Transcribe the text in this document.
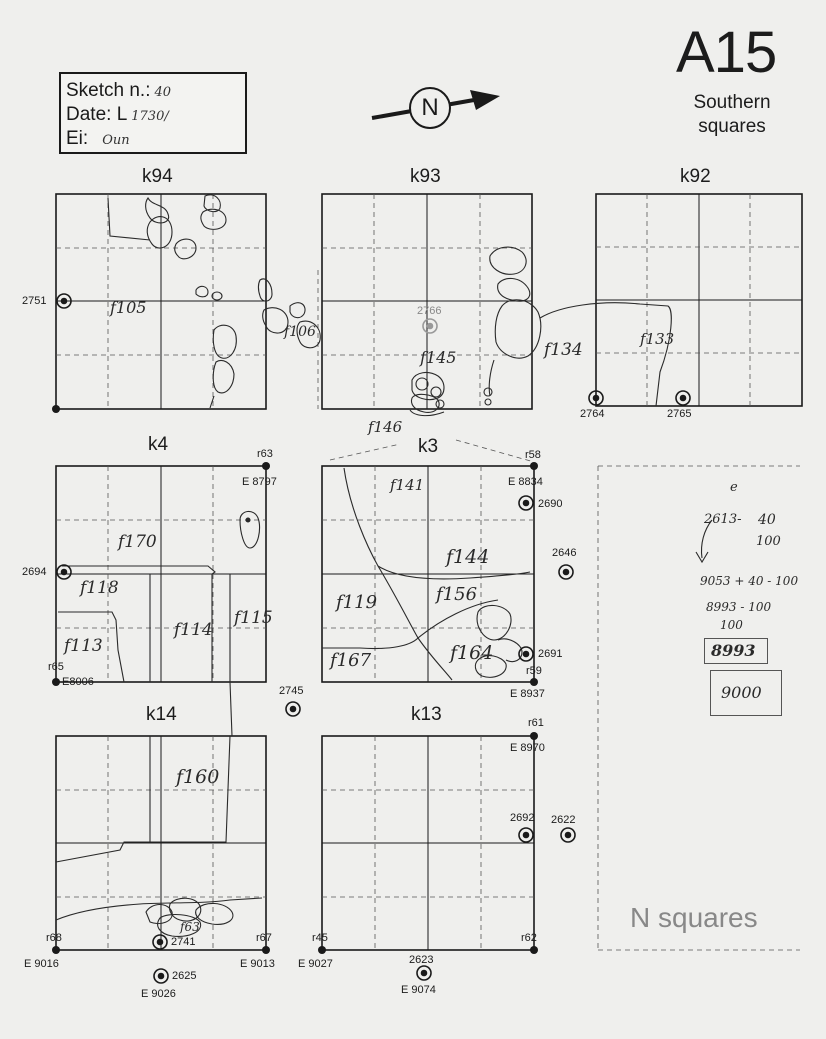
Sketch n.: 40
Date: L 1730/
Ei: Oun
A15
Southern
squares
k94	k93	k92
k4	k3
k14	k13
N squares
2751
2766
2764	2765
r63
E 8797
r58
E 8834
2690
2646
2694
r65
E8006
2691
r59
E 8937
2745
r61
E 8970
2692 2622
r68
E 9016
2741	r67
E 9013
r45
E 9027
r62
2625
E 9026
2623
E 9074
f105
f106
f145	f134
f133
f146
f141
f170
f118
f114
f115
f113
f144
f156
f119
f167	f164
f160
f63
e
2613- 40
100
9053 + 40 - 100
8993 - 100
100
8993
9000
N
